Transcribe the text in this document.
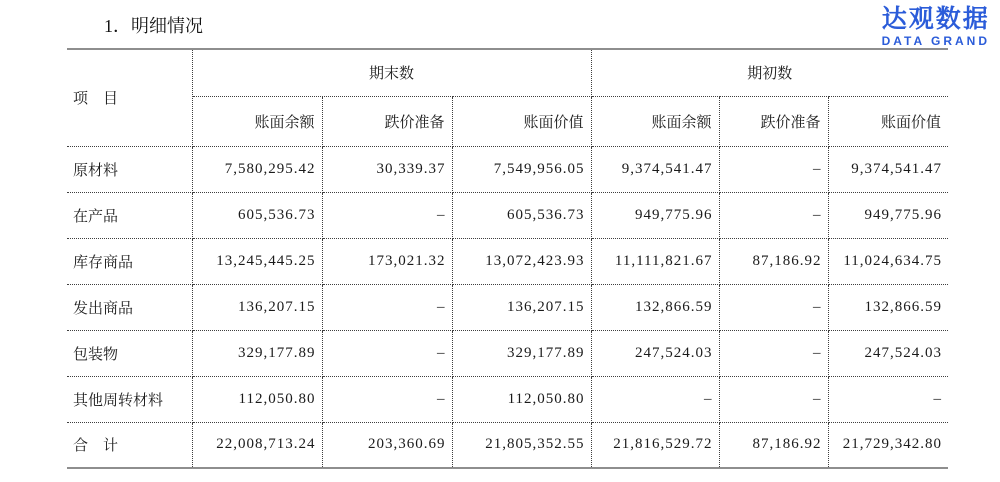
1．明细情况	达观数据
DATA GRAND
项　目	期末数			期初数		
	账面余额	跌价准备	账面价值	账面余额	跌价准备	账面价值
原材料	7,580,295.42	30,339.37	7,549,956.05	9,374,541.47	–	9,374,541.47
在产品	605,536.73	–	605,536.73	949,775.96	–	949,775.96
库存商品	13,245,445.25	173,021.32	13,072,423.93	11,111,821.67	87,186.92	11,024,634.75
发出商品	136,207.15	–	136,207.15	132,866.59	–	132,866.59
包装物	329,177.89	–	329,177.89	247,524.03	–	247,524.03
其他周转材料	112,050.80	–	112,050.80	–	–	–
合　计	22,008,713.24	203,360.69	21,805,352.55	21,816,529.72	87,186.92	21,729,342.80
